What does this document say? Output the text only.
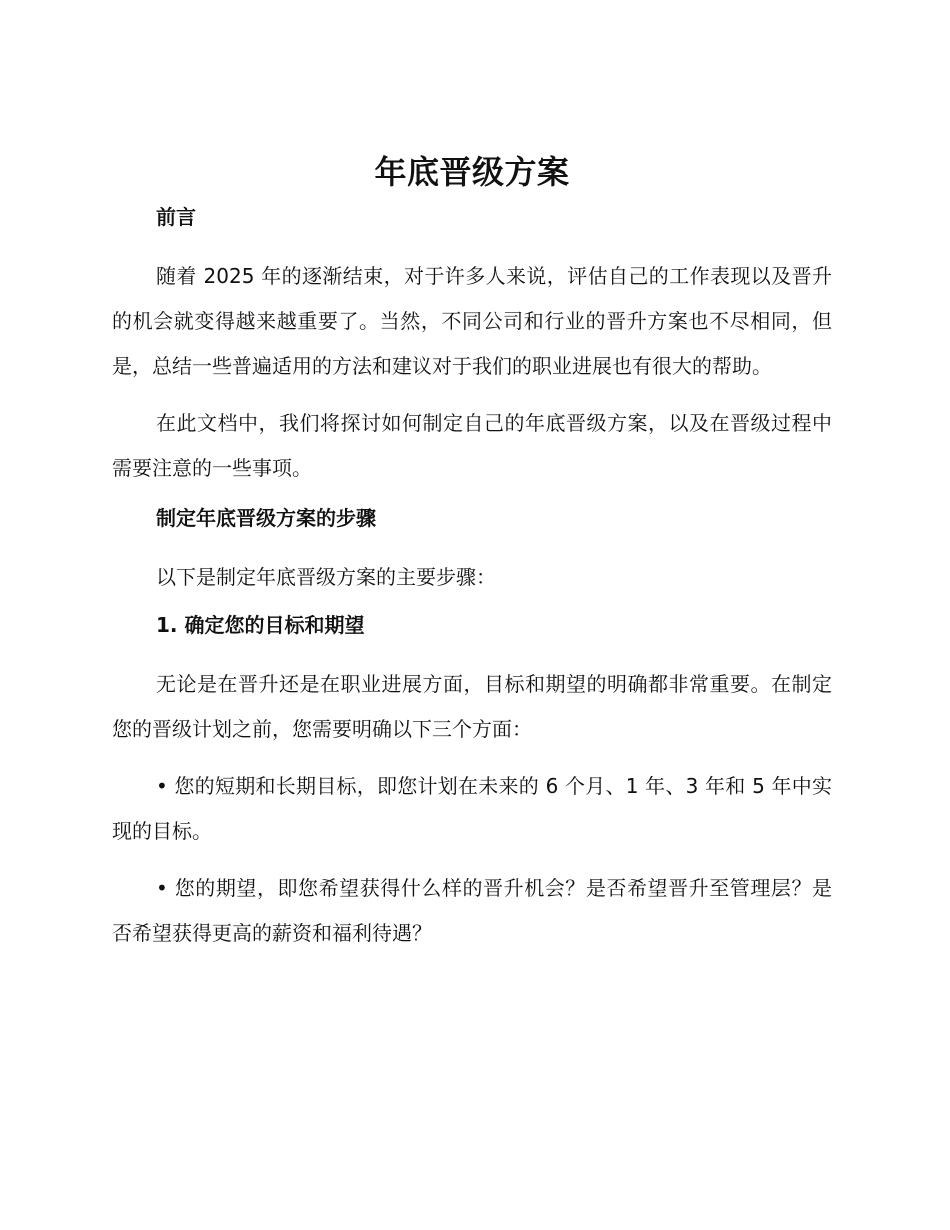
年底晋级方案
前言

随着 2025 年的逐渐结束，对于许多人来说，评估自己的工作表现以及晋升的机会就变得越来越重要了。当然，不同公司和行业的晋升方案也不尽相同，但是，总结一些普遍适用的方法和建议对于我们的职业进展也有很大的帮助。

在此文档中，我们将探讨如何制定自己的年底晋级方案，以及在晋级过程中需要注意的一些事项。

制定年底晋级方案的步骤

以下是制定年底晋级方案的主要步骤：

1. 确定您的目标和期望

无论是在晋升还是在职业进展方面，目标和期望的明确都非常重要。在制定您的晋级计划之前，您需要明确以下三个方面：

• 您的短期和长期目标，即您计划在未来的 6 个月、1 年、3 年和 5 年中实现的目标。

• 您的期望，即您希望获得什么样的晋升机会？是否希望晋升至管理层？是否希望获得更高的薪资和福利待遇？
